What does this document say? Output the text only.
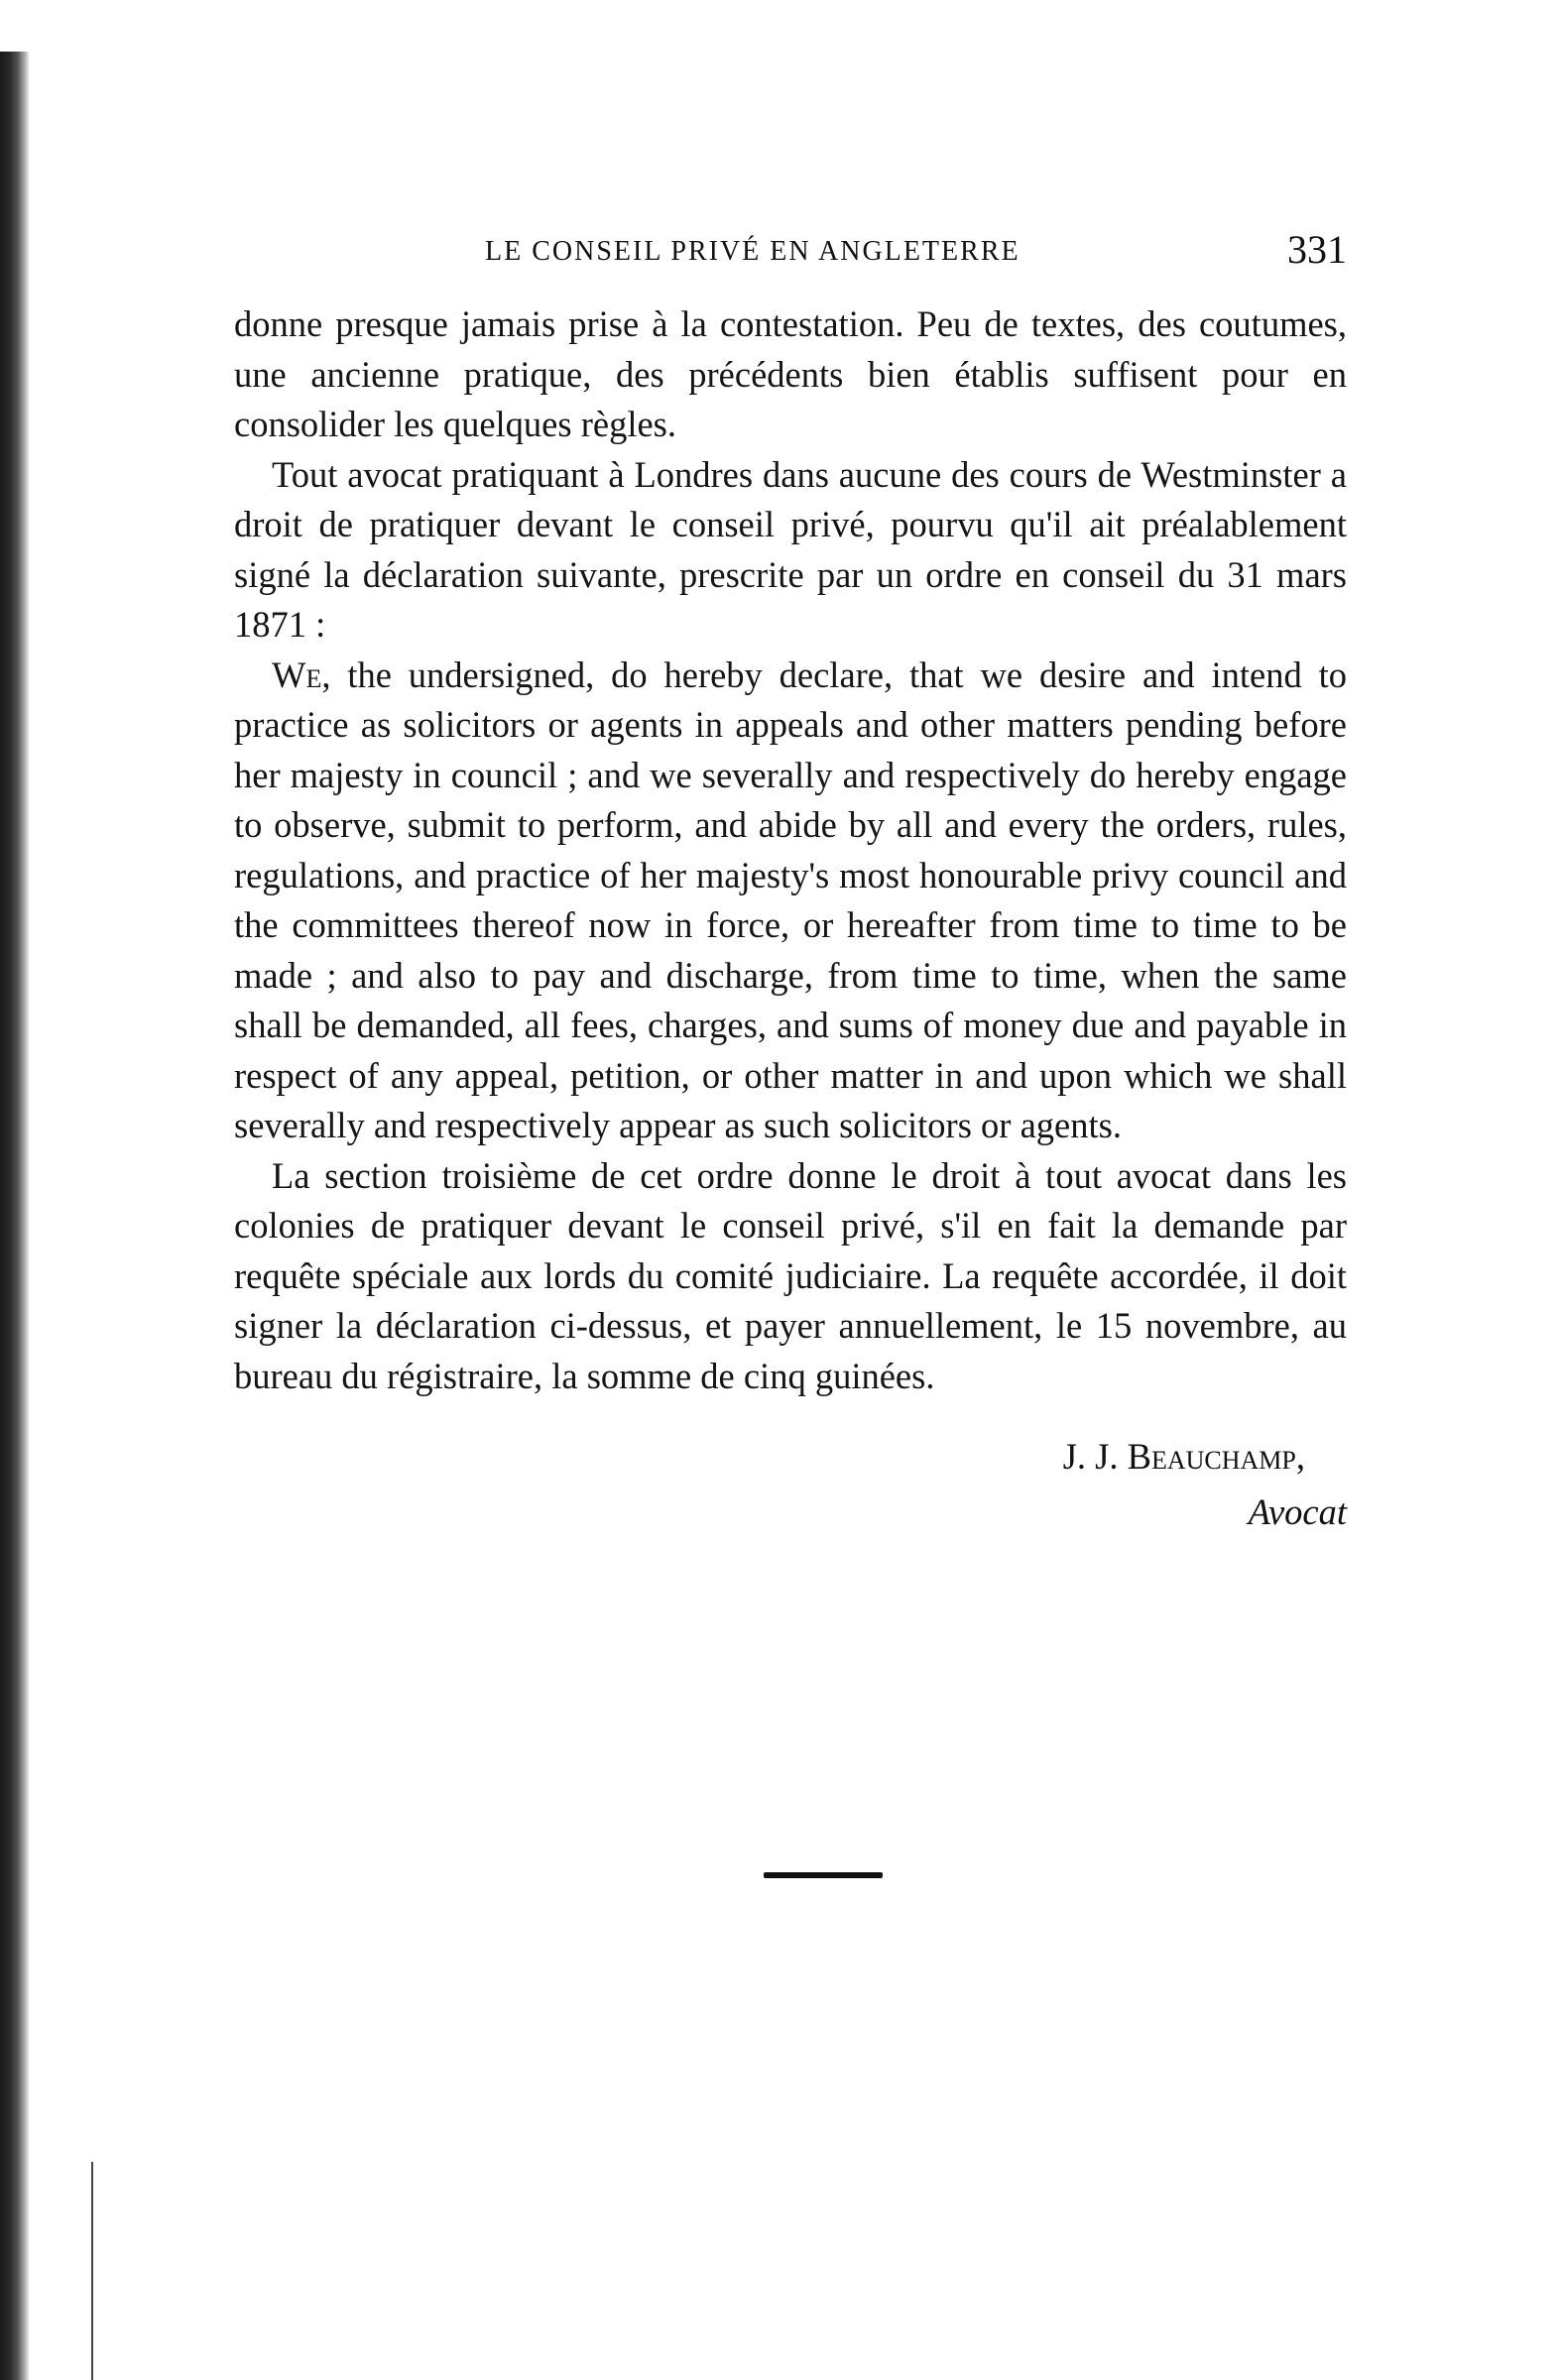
LE CONSEIL PRIVÉ EN ANGLETERRE	331

donne presque jamais prise à la contestation. Peu de textes, des coutumes, une ancienne pratique, des précédents bien établis suffisent pour en consolider les quelques règles.

Tout avocat pratiquant à Londres dans aucune des cours de Westminster a droit de pratiquer devant le conseil privé, pourvu qu'il ait préalablement signé la déclaration suivante, prescrite par un ordre en conseil du 31 mars 1871 :

We, the undersigned, do hereby declare, that we desire and intend to practice as solicitors or agents in appeals and other matters pending before her majesty in council ; and we severally and respectively do hereby engage to observe, submit to perform, and abide by all and every the orders, rules, regulations, and practice of her majesty's most honourable privy council and the committees thereof now in force, or hereafter from time to time to be made ; and also to pay and discharge, from time to time, when the same shall be demanded, all fees, charges, and sums of money due and payable in respect of any appeal, petition, or other matter in and upon which we shall severally and respectively appear as such solicitors or agents.

La section troisième de cet ordre donne le droit à tout avocat dans les colonies de pratiquer devant le conseil privé, s'il en fait la demande par requête spéciale aux lords du comité judiciaire. La requête accordée, il doit signer la déclaration ci-dessus, et payer annuellement, le 15 novembre, au bureau du régistraire, la somme de cinq guinées.

J. J. Beauchamp,
Avocat
